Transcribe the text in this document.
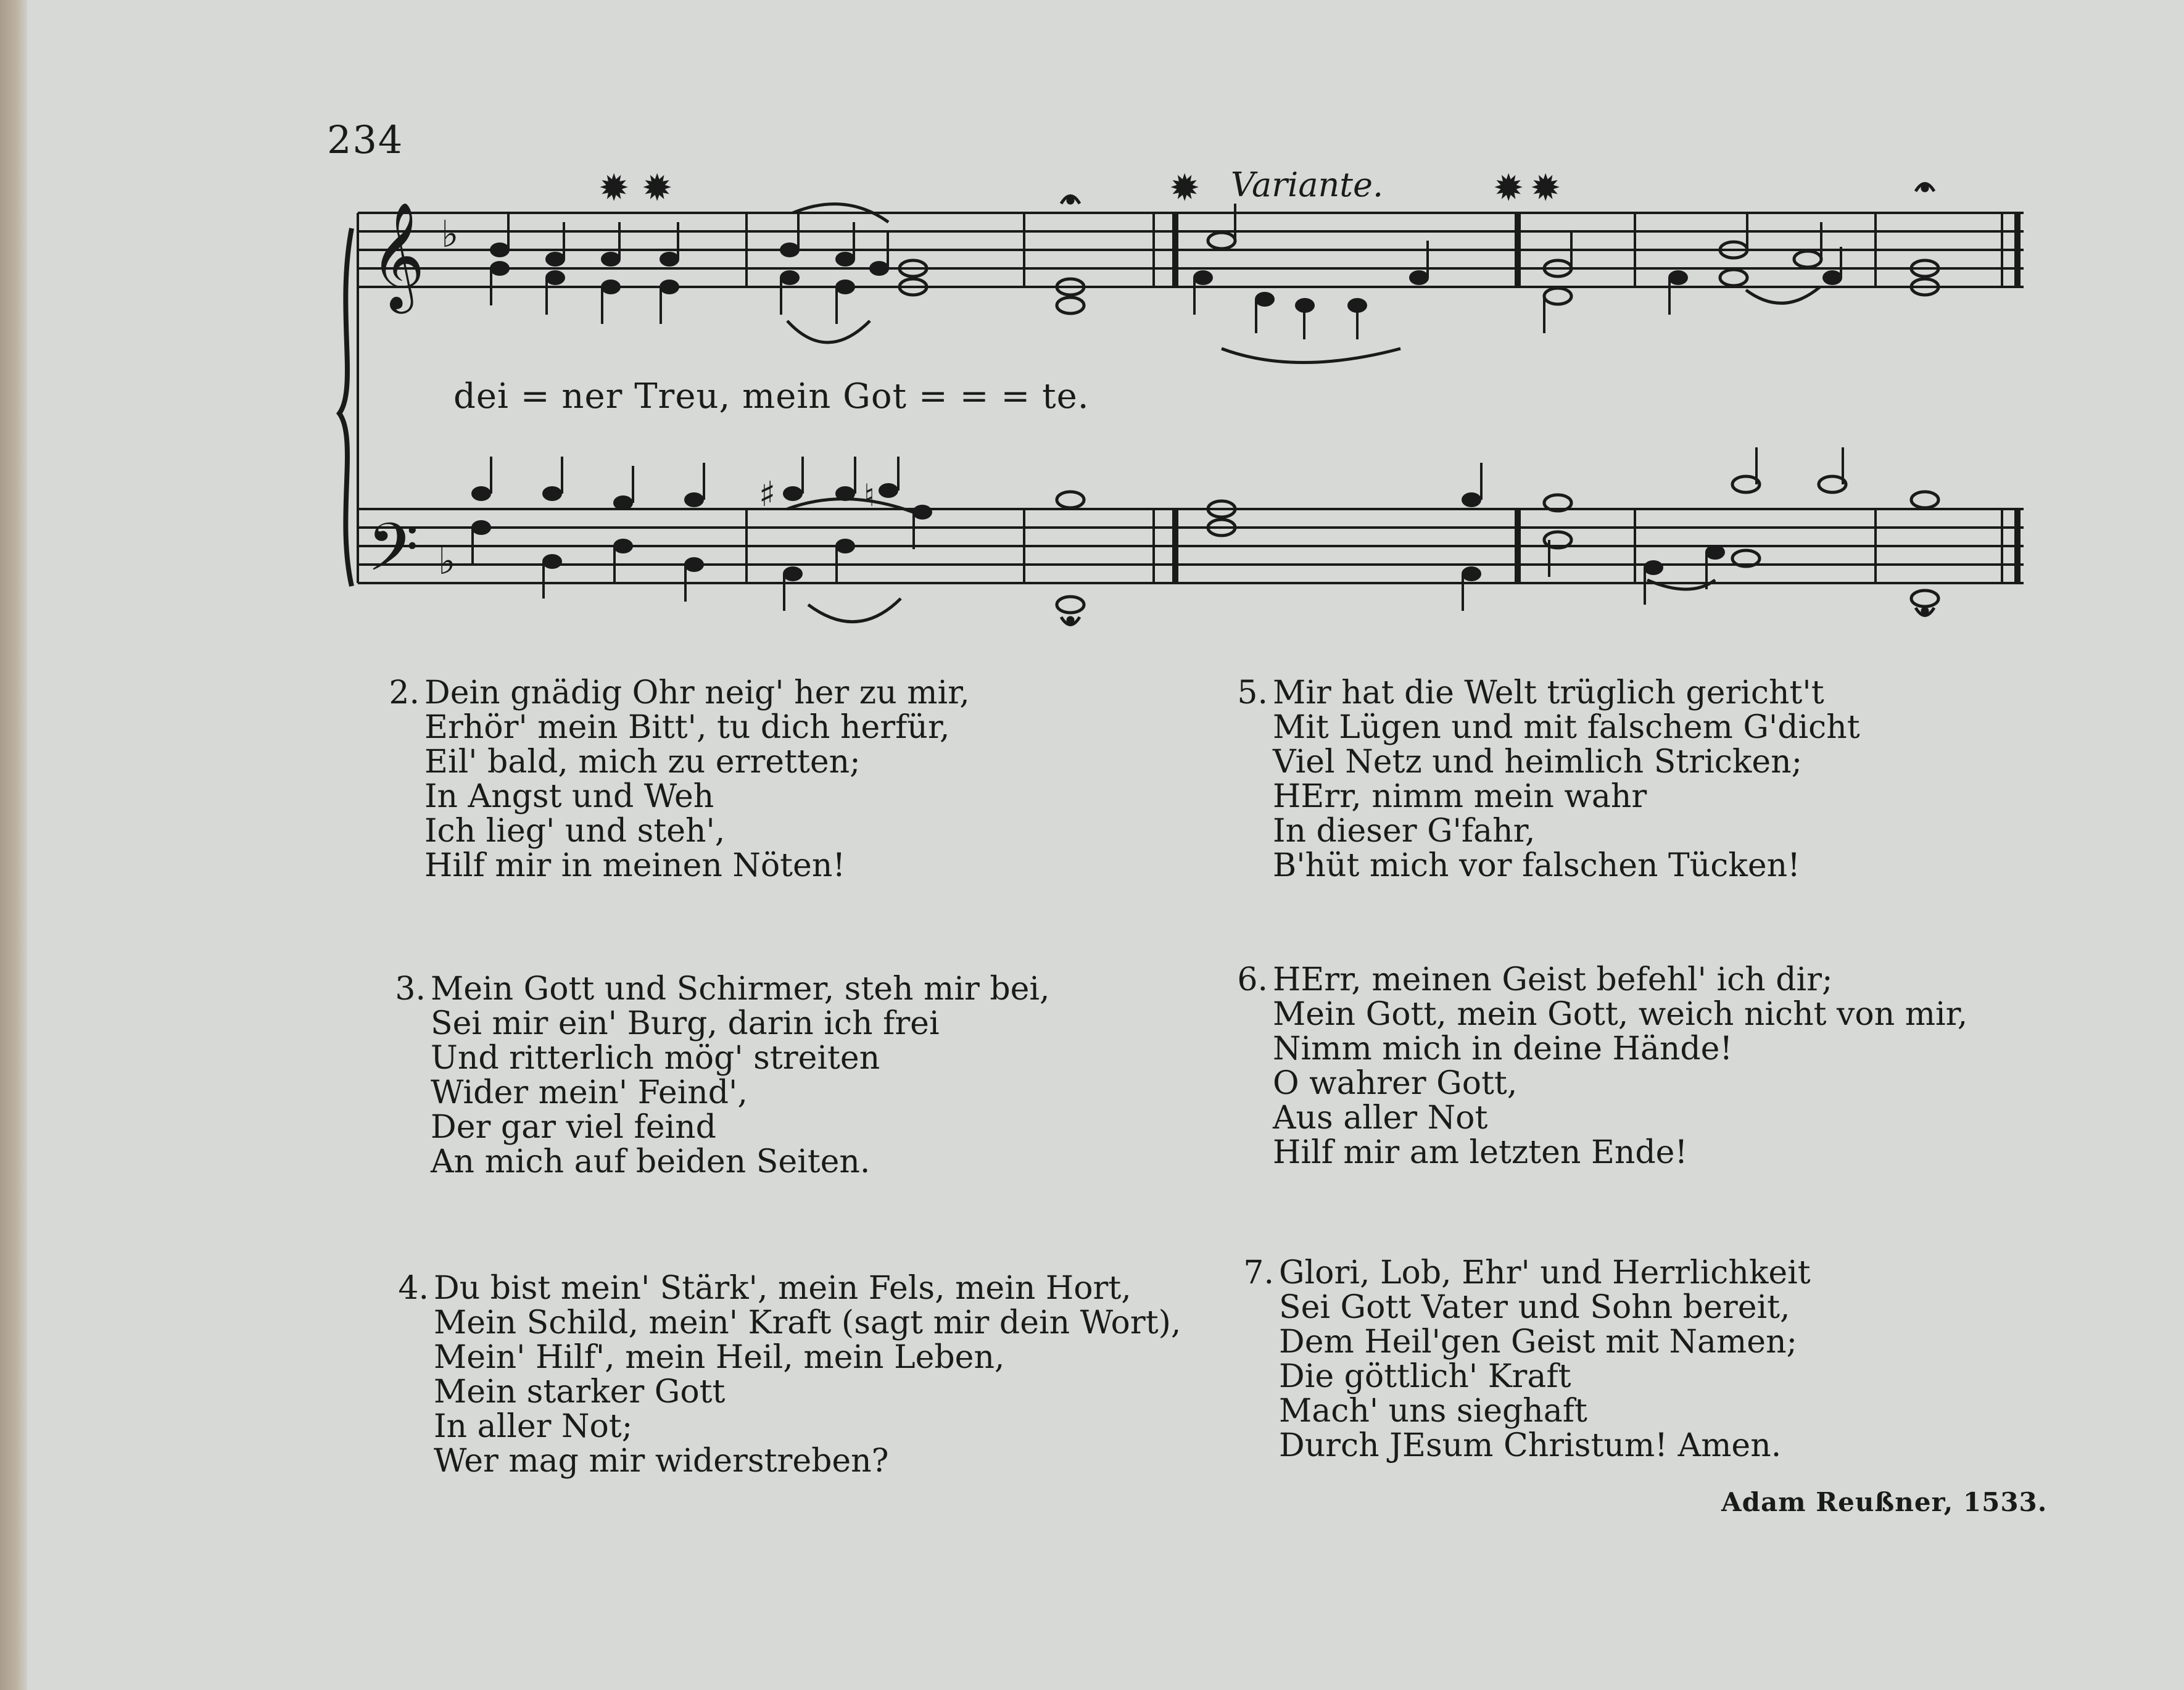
234
𝄞 ♭
𝄢 ♭
✹ ✹	✹	✹ ✹
♯	♮
Variante.
dei = ner Treu, mein Got = = = te.
2. Dein gnädig Ohr neig' her zu mir,
Erhör' mein Bitt', tu dich herfür,
Eil' bald, mich zu erretten;
In Angst und Weh
Ich lieg' und steh',
Hilf mir in meinen Nöten!
3. Mein Gott und Schirmer, steh mir bei,
Sei mir ein' Burg, darin ich frei
Und ritterlich mög' streiten
Wider mein' Feind',
Der gar viel feind
An mich auf beiden Seiten.
4. Du bist mein' Stärk', mein Fels, mein Hort,
Mein Schild, mein' Kraft (sagt mir dein Wort),
Mein' Hilf', mein Heil, mein Leben,
Mein starker Gott
In aller Not;
Wer mag mir widerstreben?
5. Mir hat die Welt trüglich gericht't
Mit Lügen und mit falschem G'dicht
Viel Netz und heimlich Stricken;
HErr, nimm mein wahr
In dieser G'fahr,
B'hüt mich vor falschen Tücken!
6. HErr, meinen Geist befehl' ich dir;
Mein Gott, mein Gott, weich nicht von mir,
Nimm mich in deine Hände!
O wahrer Gott,
Aus aller Not
Hilf mir am letzten Ende!
7. Glori, Lob, Ehr' und Herrlichkeit
Sei Gott Vater und Sohn bereit,
Dem Heil'gen Geist mit Namen;
Die göttlich' Kraft
Mach' uns sieghaft
Durch JEsum Christum! Amen.
Adam Reußner, 1533.
